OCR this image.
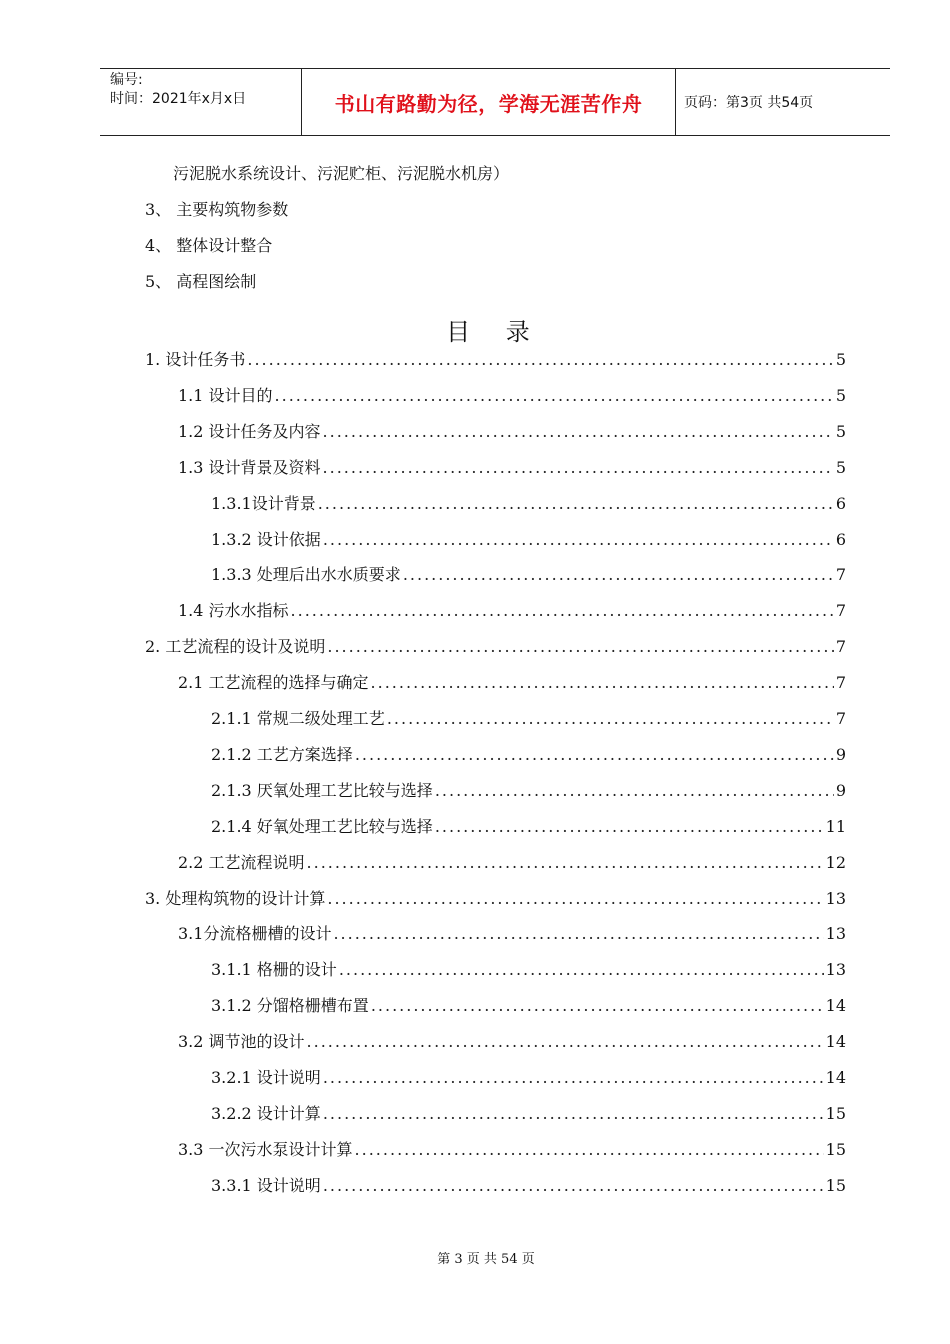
编号:
时间：2021年x月x日	书山有路勤为径，学海无涯苦作舟	页码：第3页 共54页
污泥脱水系统设计、污泥贮柜、污泥脱水机房）
3、 主要构筑物参数
4、 整体设计整合
5、 高程图绘制
目 录
1. 设计任务书 .....	5
1.1 设计目的 .....	5
1.2 设计任务及内容 .....	5
1.3 设计背景及资料 .....	5
1.3.1设计背景 .....	6
1.3.2 设计依据 .....	6
1.3.3 处理后出水水质要求 .....	7
1.4 污水水指标 .....	7
2. 工艺流程的设计及说明 .....	7
2.1 工艺流程的选择与确定 .....	7
2.1.1 常规二级处理工艺 .....	7
2.1.2 工艺方案选择 .....	9
2.1.3 厌氧处理工艺比较与选择 .....	9
2.1.4 好氧处理工艺比较与选择 .....	11
2.2 工艺流程说明 .....	12
3. 处理构筑物的设计计算 .....	13
3.1分流格栅槽的设计 .....	13
3.1.1 格栅的设计 .....	13
3.1.2 分馏格栅槽布置 .....	14
3.2 调节池的设计 .....	14
3.2.1 设计说明 .....	14
3.2.2 设计计算 .....	15
3.3 一次污水泵设计计算 .....	15
3.3.1 设计说明 .....	15
第 3 页 共 54 页
